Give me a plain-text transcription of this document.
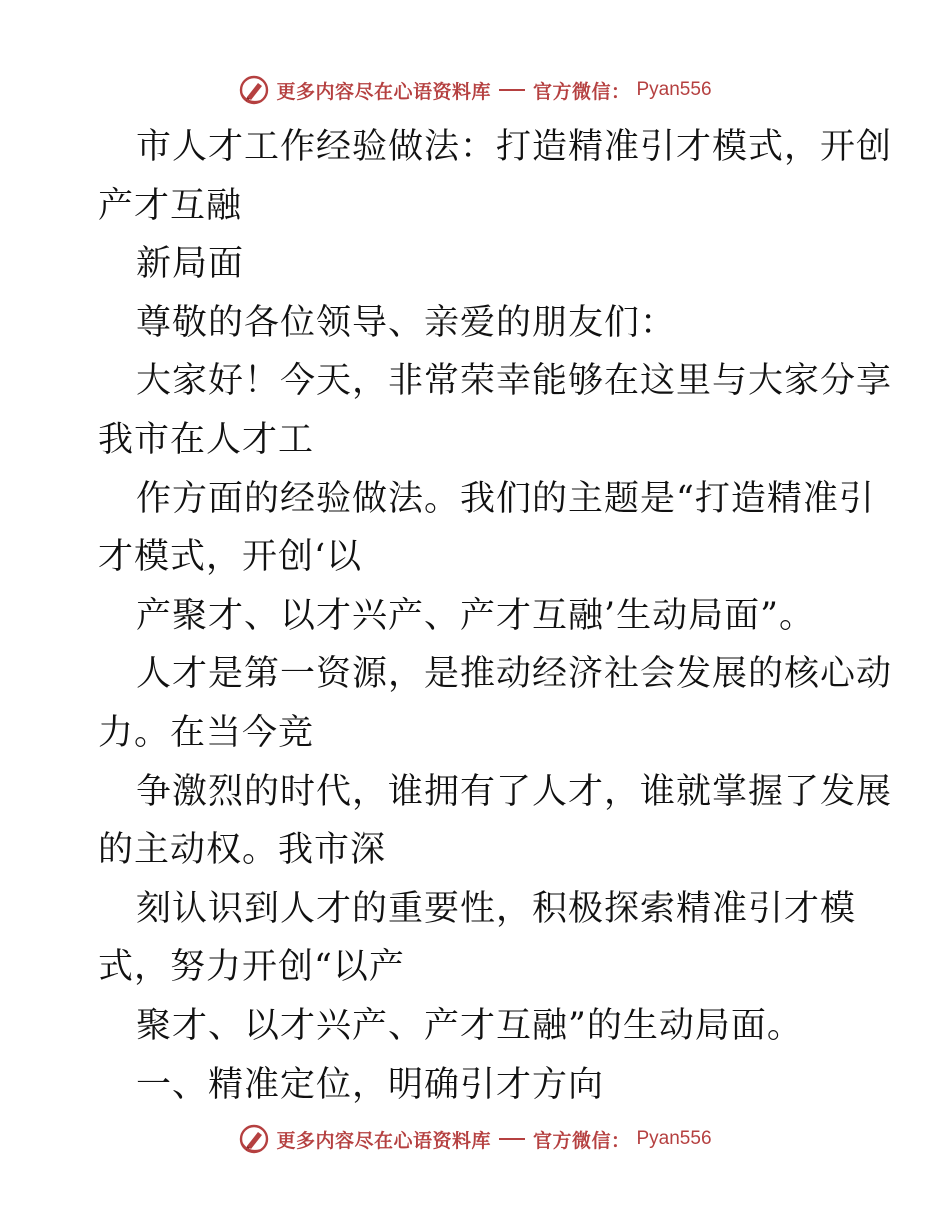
更多内容尽在心语资料库 官方微信： Pyan556
市人才工作经验做法：打造精准引才模式，开创
产才互融
新局面
尊敬的各位领导、亲爱的朋友们：
大家好！今天，非常荣幸能够在这里与大家分享
我市在人才工
作方面的经验做法。我们的主题是“打造精准引
才模式，开创‘以
产聚才、以才兴产、产才互融’生动局面”。
人才是第一资源，是推动经济社会发展的核心动
力。在当今竞
争激烈的时代，谁拥有了人才，谁就掌握了发展
的主动权。我市深
刻认识到人才的重要性，积极探索精准引才模
式，努力开创“以产
聚才、以才兴产、产才互融”的生动局面。
一、精准定位，明确引才方向
更多内容尽在心语资料库 官方微信： Pyan556
